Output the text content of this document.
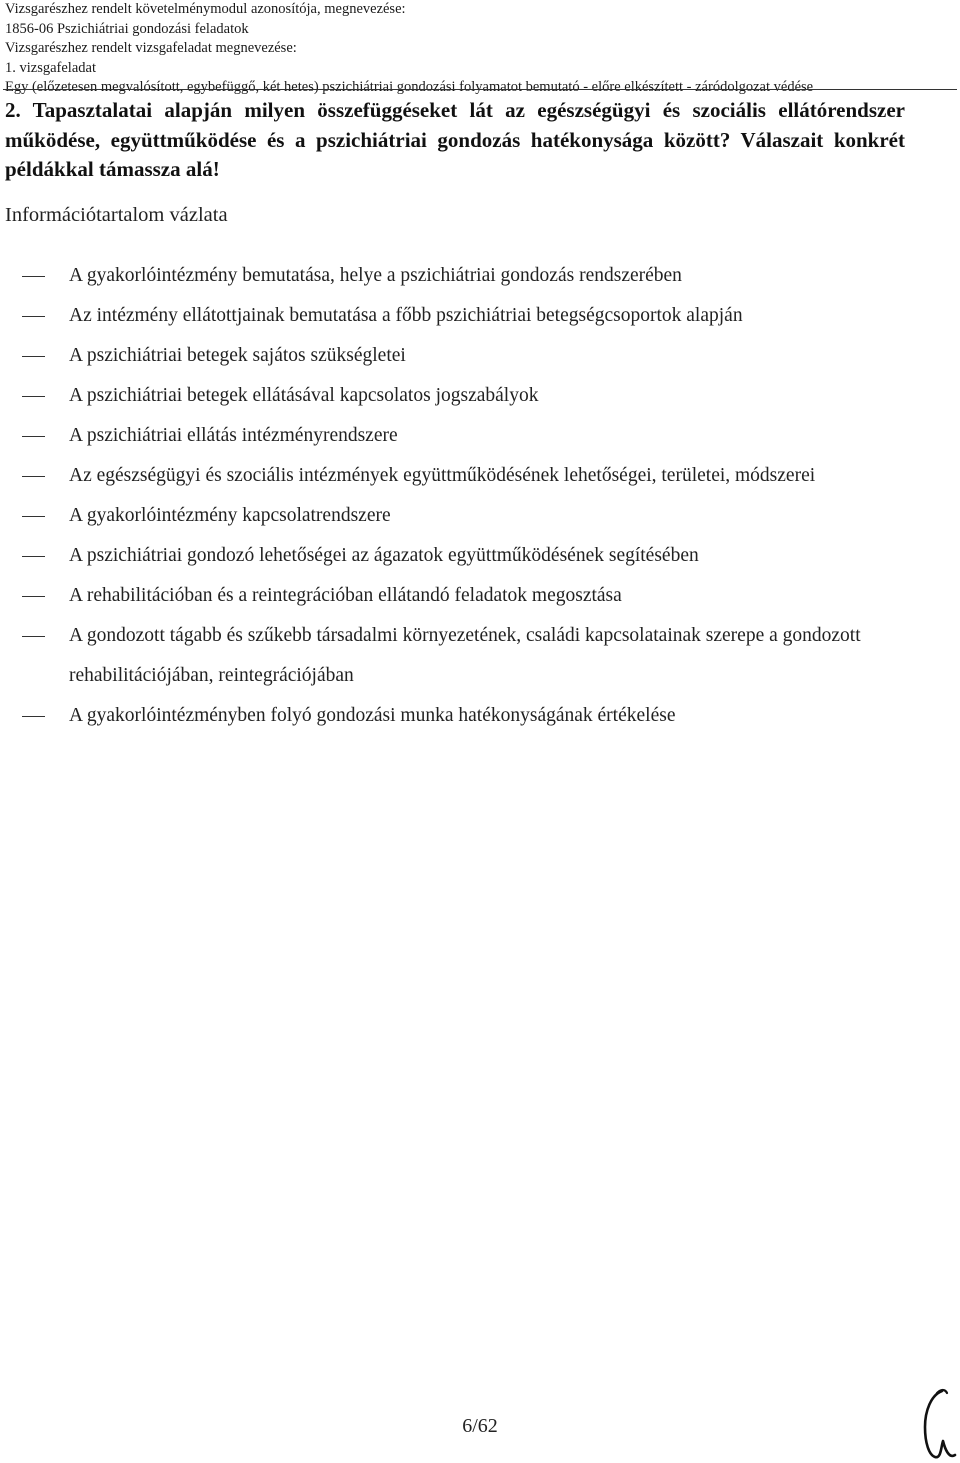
Vizsgarészhez rendelt követelménymodul azonosítója, megnevezése:
1856-06 Pszichiátriai gondozási feladatok
Vizsgarészhez rendelt vizsgafeladat megnevezése:
1. vizsgafeladat
Egy (előzetesen megvalósított, egybefüggő, két hetes) pszichiátriai gondozási folyamatot bemutató - előre elkészített - záródolgozat védése
2. Tapasztalatai alapján milyen összefüggéseket lát az egészségügyi és szociális ellátórendszer működése, együttműködése és a pszichiátriai gondozás hatékonysága között? Válaszait konkrét példákkal támassza alá!
Információtartalom vázlata
A gyakorlóintézmény bemutatása, helye a pszichiátriai gondozás rendszerében
Az intézmény ellátottjainak bemutatása a főbb pszichiátriai betegségcsoportok alapján
A pszichiátriai betegek sajátos szükségletei
A pszichiátriai betegek ellátásával kapcsolatos jogszabályok
A pszichiátriai ellátás intézményrendszere
Az egészségügyi és szociális intézmények együttműködésének lehetőségei, területei, módszerei
A gyakorlóintézmény kapcsolatrendszere
A pszichiátriai gondozó lehetőségei az ágazatok együttműködésének segítésében
A rehabilitációban és a reintegrációban ellátandó feladatok megosztása
A gondozott tágabb és szűkebb társadalmi környezetének, családi kapcsolatainak szerepe a gondozott rehabilitációjában, reintegrációjában
A gyakorlóintézményben folyó gondozási munka hatékonyságának értékelése
6/62
